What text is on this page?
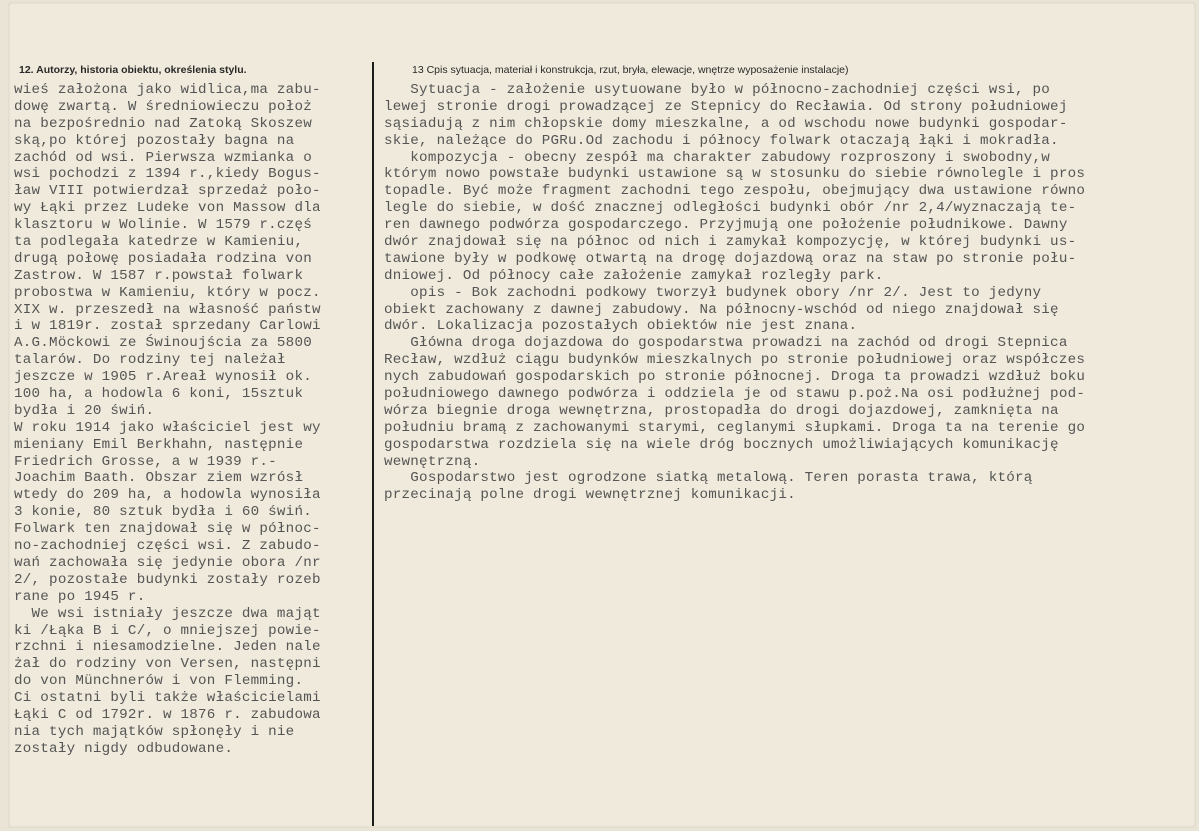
12. Autorzy, historia obiektu, określenia stylu.	13 Cpis sytuacja, materiał i konstrukcja, rzut, bryła, elewacje, wnętrze wyposażenie instalacje)
wieś założona jako widlica,ma zabu-
dowę zwartą. W średniowieczu położ
na bezpośrednio nad Zatoką Skoszew
ską,po której pozostały bagna na
zachód od wsi. Pierwsza wzmianka o
wsi pochodzi z 1394 r.,kiedy Bogus-
ław VIII potwierdzał sprzedaż poło-
wy Łąki przez Ludeke von Massow dla
klasztoru w Wolinie. W 1579 r.częś
ta podlegała katedrze w Kamieniu,
drugą połowę posiadała rodzina von
Zastrow. W 1587 r.powstał folwark
probostwa w Kamieniu, który w pocz.
XIX w. przeszedł na własność państw
i w 1819r. został sprzedany Carlowi
A.G.Möckowi ze Świnoujścia za 5800
talarów. Do rodziny tej należał
jeszcze w 1905 r.Areał wynosił ok.
100 ha, a hodowla 6 koni, 15sztuk
bydła i 20 świń.
W roku 1914 jako właściciel jest wy
mieniany Emil Berkhahn, następnie
Friedrich Grosse, a w 1939 r.-
Joachim Baath. Obszar ziem wzrósł
wtedy do 209 ha, a hodowla wynosiła
3 konie, 80 sztuk bydła i 60 świń.
Folwark ten znajdował się w północ-
no-zachodniej części wsi. Z zabudo-
wań zachowała się jedynie obora /nr
2/, pozostałe budynki zostały rozeb
rane po 1945 r.
We wsi istniały jeszcze dwa mająt
ki /Łąka B i C/, o mniejszej powie-
rzchni i niesamodzielne. Jeden nale
żał do rodziny von Versen, następni
do von Münchnerów i von Flemming.
Ci ostatni byli także właścicielami
Łąki C od 1792r. w 1876 r. zabudowa
nia tych majątków spłonęły i nie
zostały nigdy odbudowane.
Sytuacja - założenie usytuowane było w północno-zachodniej części wsi, po
lewej stronie drogi prowadzącej ze Stepnicy do Recławia. Od strony południowej
sąsiadują z nim chłopskie domy mieszkalne, a od wschodu nowe budynki gospodar-
skie, należące do PGRu.Od zachodu i północy folwark otaczają łąki i mokradła.
kompozycja - obecny zespół ma charakter zabudowy rozproszony i swobodny,w
którym nowo powstałe budynki ustawione są w stosunku do siebie równolegle i pros
topadle. Być może fragment zachodni tego zespołu, obejmujący dwa ustawione równo
legle do siebie, w dość znacznej odległości budynki obór /nr 2,4/wyznaczają te-
ren dawnego podwórza gospodarczego. Przyjmują one położenie południkowe. Dawny
dwór znajdował się na północ od nich i zamykał kompozycję, w której budynki us-
tawione były w podkowę otwartą na drogę dojazdową oraz na staw po stronie połu-
dniowej. Od północy całe założenie zamykał rozległy park.
opis - Bok zachodni podkowy tworzył budynek obory /nr 2/. Jest to jedyny
obiekt zachowany z dawnej zabudowy. Na północny-wschód od niego znajdował się
dwór. Lokalizacja pozostałych obiektów nie jest znana.
Główna droga dojazdowa do gospodarstwa prowadzi na zachód od drogi Stepnica
Recław, wzdłuż ciągu budynków mieszkalnych po stronie południowej oraz współczes
nych zabudowań gospodarskich po stronie północnej. Droga ta prowadzi wzdłuż boku
południowego dawnego podwórza i oddziela je od stawu p.poż.Na osi podłużnej pod-
wórza biegnie droga wewnętrzna, prostopadła do drogi dojazdowej, zamknięta na
południu bramą z zachowanymi starymi, ceglanymi słupkami. Droga ta na terenie go
gospodarstwa rozdziela się na wiele dróg bocznych umożliwiających komunikację
wewnętrzną.
Gospodarstwo jest ogrodzone siatką metalową. Teren porasta trawa, którą
przecinają polne drogi wewnętrznej komunikacji.
